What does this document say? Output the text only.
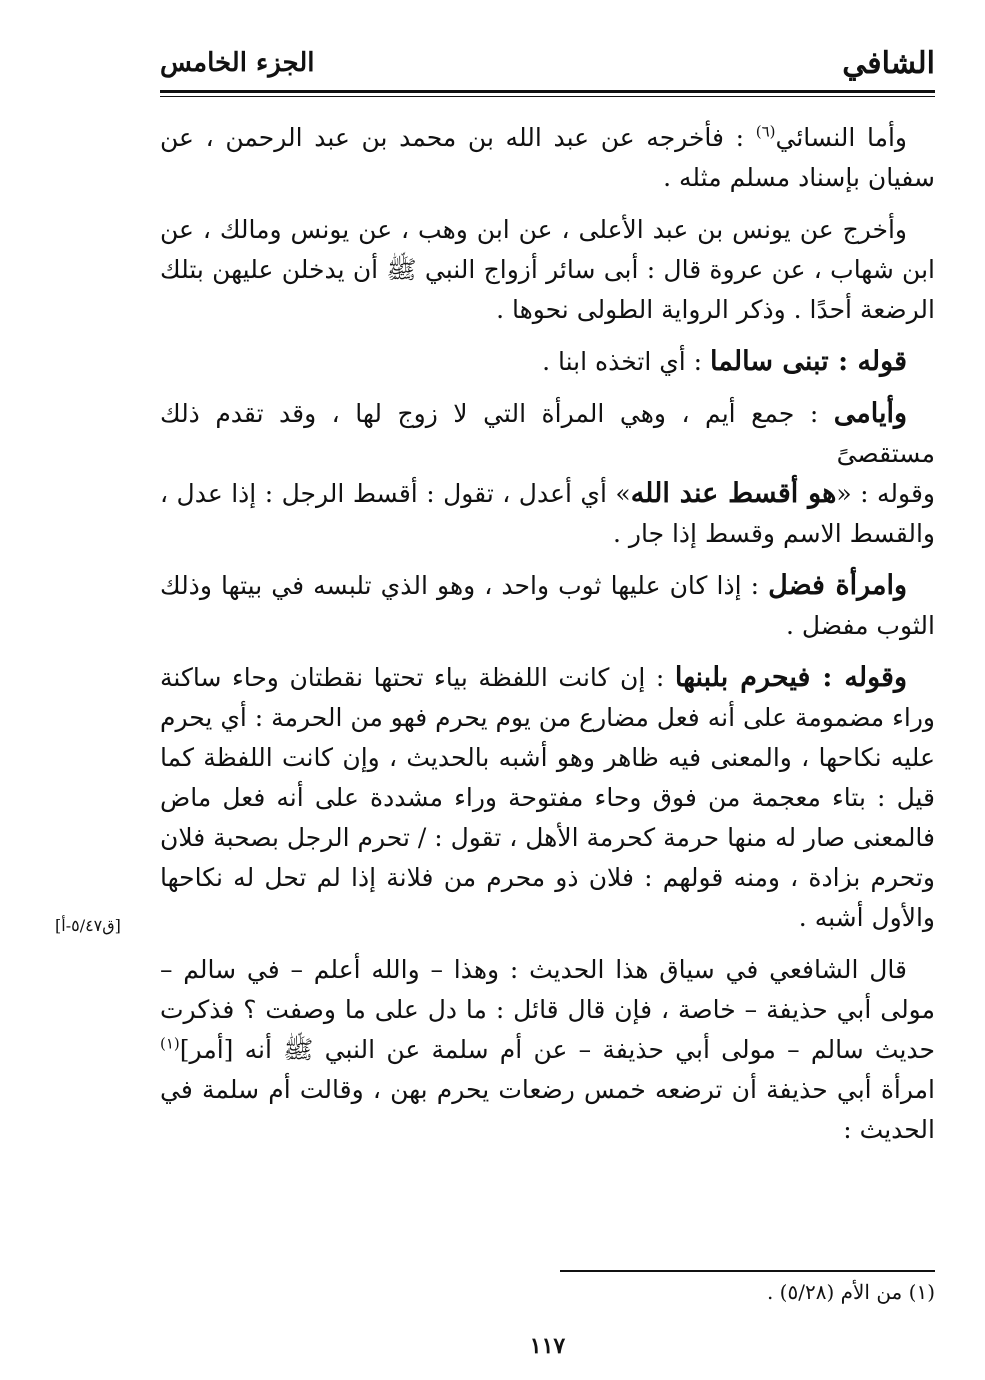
الشافي
الجزء الخامس

وأما النسائي$^{(٦)}$ : فأخرجه عن عبد الله بن محمد بن عبد الرحمن ، عن سفيان بإسناد مسلم مثله .

وأخرج عن يونس بن عبد الأعلى ، عن ابن وهب ، عن يونس ومالك ، عن ابن شهاب ، عن عروة قال : أبى سائر أزواج النبي ﷺ أن يدخلن عليهن بتلك الرضعة أحدًا . وذكر الرواية الطولى نحوها .

قوله : تبنى سالما : أي اتخذه ابنا .

وأيامى : جمع أيم ، وهي المرأة التي لا زوج لها ، وقد تقدم ذلك مستقصىً

وقوله : «هو أقسط عند الله» أي أعدل ، تقول : أقسط الرجل : إذا عدل ، والقسط الاسم وقسط إذا جار .

وامرأة فضل : إذا كان عليها ثوب واحد ، وهو الذي تلبسه في بيتها وذلك الثوب مفضل .

وقوله : فيحرم بلبنها : إن كانت اللفظة بياء تحتها نقطتان وحاء ساكنة وراء مضمومة على أنه فعل مضارع من يوم يحرم فهو من الحرمة : أي يحرم عليه نكاحها ، والمعنى فيه ظاهر وهو أشبه بالحديث ، وإن كانت اللفظة كما قيل : بتاء معجمة من فوق وحاء مفتوحة وراء مشددة على أنه فعل ماض فالمعنى صار له منها حرمة كحرمة الأهل ، تقول : / تحرم الرجل بصحبة فلان وتحرم بزادة ، ومنه قولهم : فلان ذو محرم من فلانة إذا لم تحل له نكاحها والأول أشبه .

قال الشافعي في سياق هذا الحديث : وهذا – والله أعلم – في سالم – مولى أبي حذيفة – خاصة ، فإن قال قائل : ما دل على ما وصفت ؟ فذكرت حديث سالم – مولى أبي حذيفة – عن أم سلمة عن النبي ﷺ أنه [أمر]$^{(١)}$ امرأة أبي حذيفة أن ترضعه خمس رضعات يحرم بهن ، وقالت أم سلمة في الحديث :

(١) من الأم (٥/٢٨) .
١١٧
[ق٥/٤٧-أ]
